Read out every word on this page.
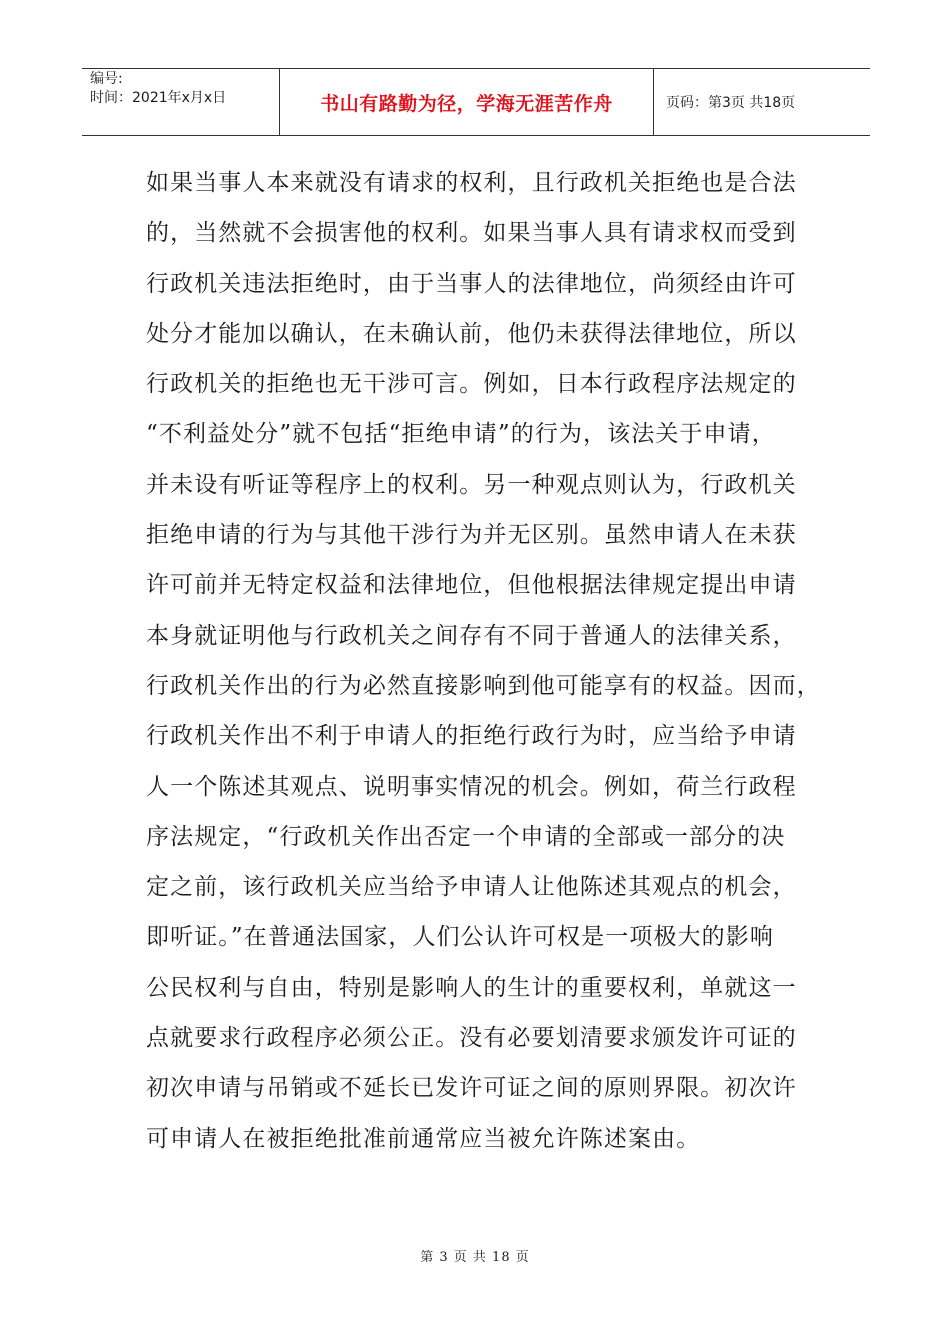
编号:
时间：2021年x月x日	书山有路勤为径，学海无涯苦作舟	页码：第3页 共18页
如果当事人本来就没有请求的权利，且行政机关拒绝也是合法
的，当然就不会损害他的权利。如果当事人具有请求权而受到
行政机关违法拒绝时，由于当事人的法律地位，尚须经由许可
处分才能加以确认，在未确认前，他仍未获得法律地位，所以
行政机关的拒绝也无干涉可言。例如，日本行政程序法规定的
“不利益处分”就不包括“拒绝申请”的行为，该法关于申请，
并未设有听证等程序上的权利。另一种观点则认为，行政机关
拒绝申请的行为与其他干涉行为并无区别。虽然申请人在未获
许可前并无特定权益和法律地位，但他根据法律规定提出申请
本身就证明他与行政机关之间存有不同于普通人的法律关系，
行政机关作出的行为必然直接影响到他可能享有的权益。因而，
行政机关作出不利于申请人的拒绝行政行为时，应当给予申请
人一个陈述其观点、说明事实情况的机会。例如，荷兰行政程
序法规定，“行政机关作出否定一个申请的全部或一部分的决
定之前，该行政机关应当给予申请人让他陈述其观点的机会，
即听证。”在普通法国家，人们公认许可权是一项极大的影响
公民权利与自由，特别是影响人的生计的重要权利，单就这一
点就要求行政程序必须公正。没有必要划清要求颁发许可证的
初次申请与吊销或不延长已发许可证之间的原则界限。初次许
可申请人在被拒绝批准前通常应当被允许陈述案由。
第 3 页 共 18 页
